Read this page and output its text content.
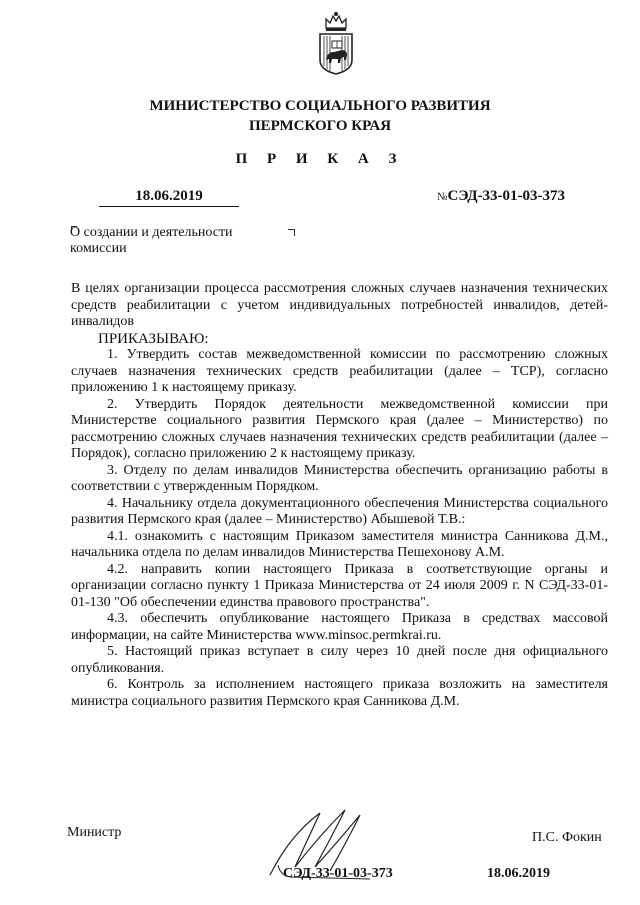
МИНИСТЕРСТВО СОЦИАЛЬНОГО РАЗВИТИЯ
ПЕРМСКОГО КРАЯ
П Р И К А З
18.06.2019	№СЭД-33-01-03-373
О создании и деятельности
комиссии

В целях организации процесса рассмотрения сложных случаев назначения технических средств реабилитации с учетом индивидуальных потребностей инвалидов, детей-инвалидов

ПРИКАЗЫВАЮ:

1. Утвердить состав межведомственной комиссии по рассмотрению сложных случаев назначения технических средств реабилитации (далее – ТСР), согласно приложению 1 к настоящему приказу.

2. Утвердить Порядок деятельности межведомственной комиссии при Министерстве социального развития Пермского края (далее – Министерство) по рассмотрению сложных случаев назначения технических средств реабилитации (далее – Порядок), согласно приложению 2 к настоящему приказу.

3. Отделу по делам инвалидов Министерства обеспечить организацию работы в соответствии с утвержденным Порядком.

4. Начальнику отдела документационного обеспечения Министерства социального развития Пермского края (далее – Министерство) Абышевой Т.В.:

4.1. ознакомить с настоящим Приказом заместителя министра Санникова Д.М., начальника отдела по делам инвалидов Министерства Пешехонову А.М.

4.2. направить копии настоящего Приказа в соответствующие органы и организации согласно пункту 1 Приказа Министерства от 24 июля 2009 г. N СЭД-33-01-01-130 "Об обеспечении единства правового пространства".

4.3. обеспечить опубликование настоящего Приказа в средствах массовой информации, на сайте Министерства www.minsoc.permkrai.ru.

5. Настоящий приказ вступает в силу через 10 дней после дня официального опубликования.

6. Контроль за исполнением настоящего приказа возложить на заместителя министра социального развития Пермского края Санникова Д.М.

Министр	П.С. Фокин
СЭД-33-01-03-373	18.06.2019
